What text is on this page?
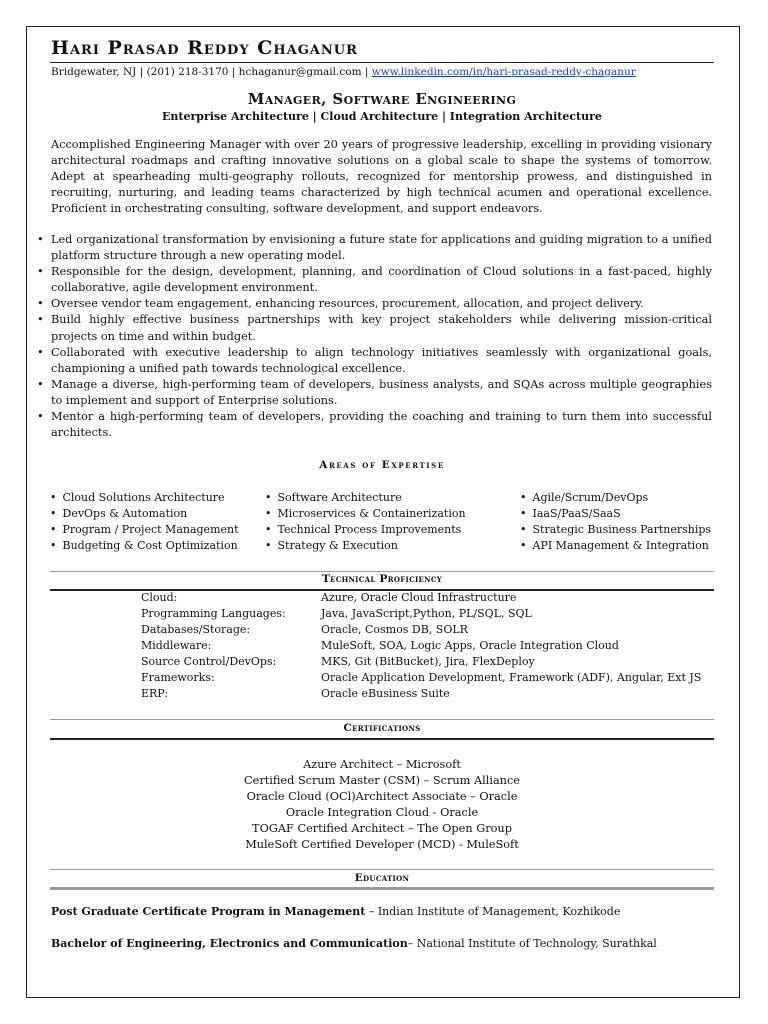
Hari Prasad Reddy Chaganur
Bridgewater, NJ | (201) 218-3170 | hchaganur@gmail.com | www.linkedin.com/in/hari-prasad-reddy-chaganur
Manager, Software Engineering
Enterprise Architecture | Cloud Architecture | Integration Architecture
Accomplished Engineering Manager with over 20 years of progressive leadership, excelling in providing visionary architectural roadmaps and crafting innovative solutions on a global scale to shape the systems of tomorrow. Adept at spearheading multi-geography rollouts, recognized for mentorship prowess, and distinguished in recruiting, nurturing, and leading teams characterized by high technical acumen and operational excellence. Proficient in orchestrating consulting, software development, and support endeavors.
• Led organizational transformation by envisioning a future state for applications and guiding migration to a unified platform structure through a new operating model.
• Responsible for the design, development, planning, and coordination of Cloud solutions in a fast-paced, highly collaborative, agile development environment.
• Oversee vendor team engagement, enhancing resources, procurement, allocation, and project delivery.
• Build highly effective business partnerships with key project stakeholders while delivering mission-critical projects on time and within budget.
• Collaborated with executive leadership to align technology initiatives seamlessly with organizational goals, championing a unified path towards technological excellence.
• Manage a diverse, high-performing team of developers, business analysts, and SQAs across multiple geographies to implement and support of Enterprise solutions.
• Mentor a high-performing team of developers, providing the coaching and training to turn them into successful architects.
Areas of Expertise
• Cloud Solutions Architecture
• DevOps & Automation
• Program / Project Management
• Budgeting & Cost Optimization
• Software Architecture
• Microservices & Containerization
• Technical Process Improvements
• Strategy & Execution
• Agile/Scrum/DevOps
• IaaS/PaaS/SaaS
• Strategic Business Partnerships
• API Management & Integration
Technical Proficiency
Cloud:	Azure, Oracle Cloud Infrastructure
Programming Languages:	Java, JavaScript,Python, PL/SQL, SQL
Databases/Storage:	Oracle, Cosmos DB, SOLR
Middleware:	MuleSoft, SOA, Logic Apps, Oracle Integration Cloud
Source Control/DevOps:	MKS, Git (BitBucket), Jira, FlexDeploy
Frameworks:	Oracle Application Development, Framework (ADF), Angular, Ext JS
ERP:	Oracle eBusiness Suite
Certifications
Azure Architect – Microsoft
Certified Scrum Master (CSM) – Scrum Alliance
Oracle Cloud (OCl)Architect Associate – Oracle
Oracle Integration Cloud - Oracle
TOGAF Certified Architect – The Open Group
MuleSoft Certified Developer (MCD) - MuleSoft
Education
Post Graduate Certificate Program in Management – Indian Institute of Management, Kozhikode
Bachelor of Engineering, Electronics and Communication– National Institute of Technology, Surathkal
